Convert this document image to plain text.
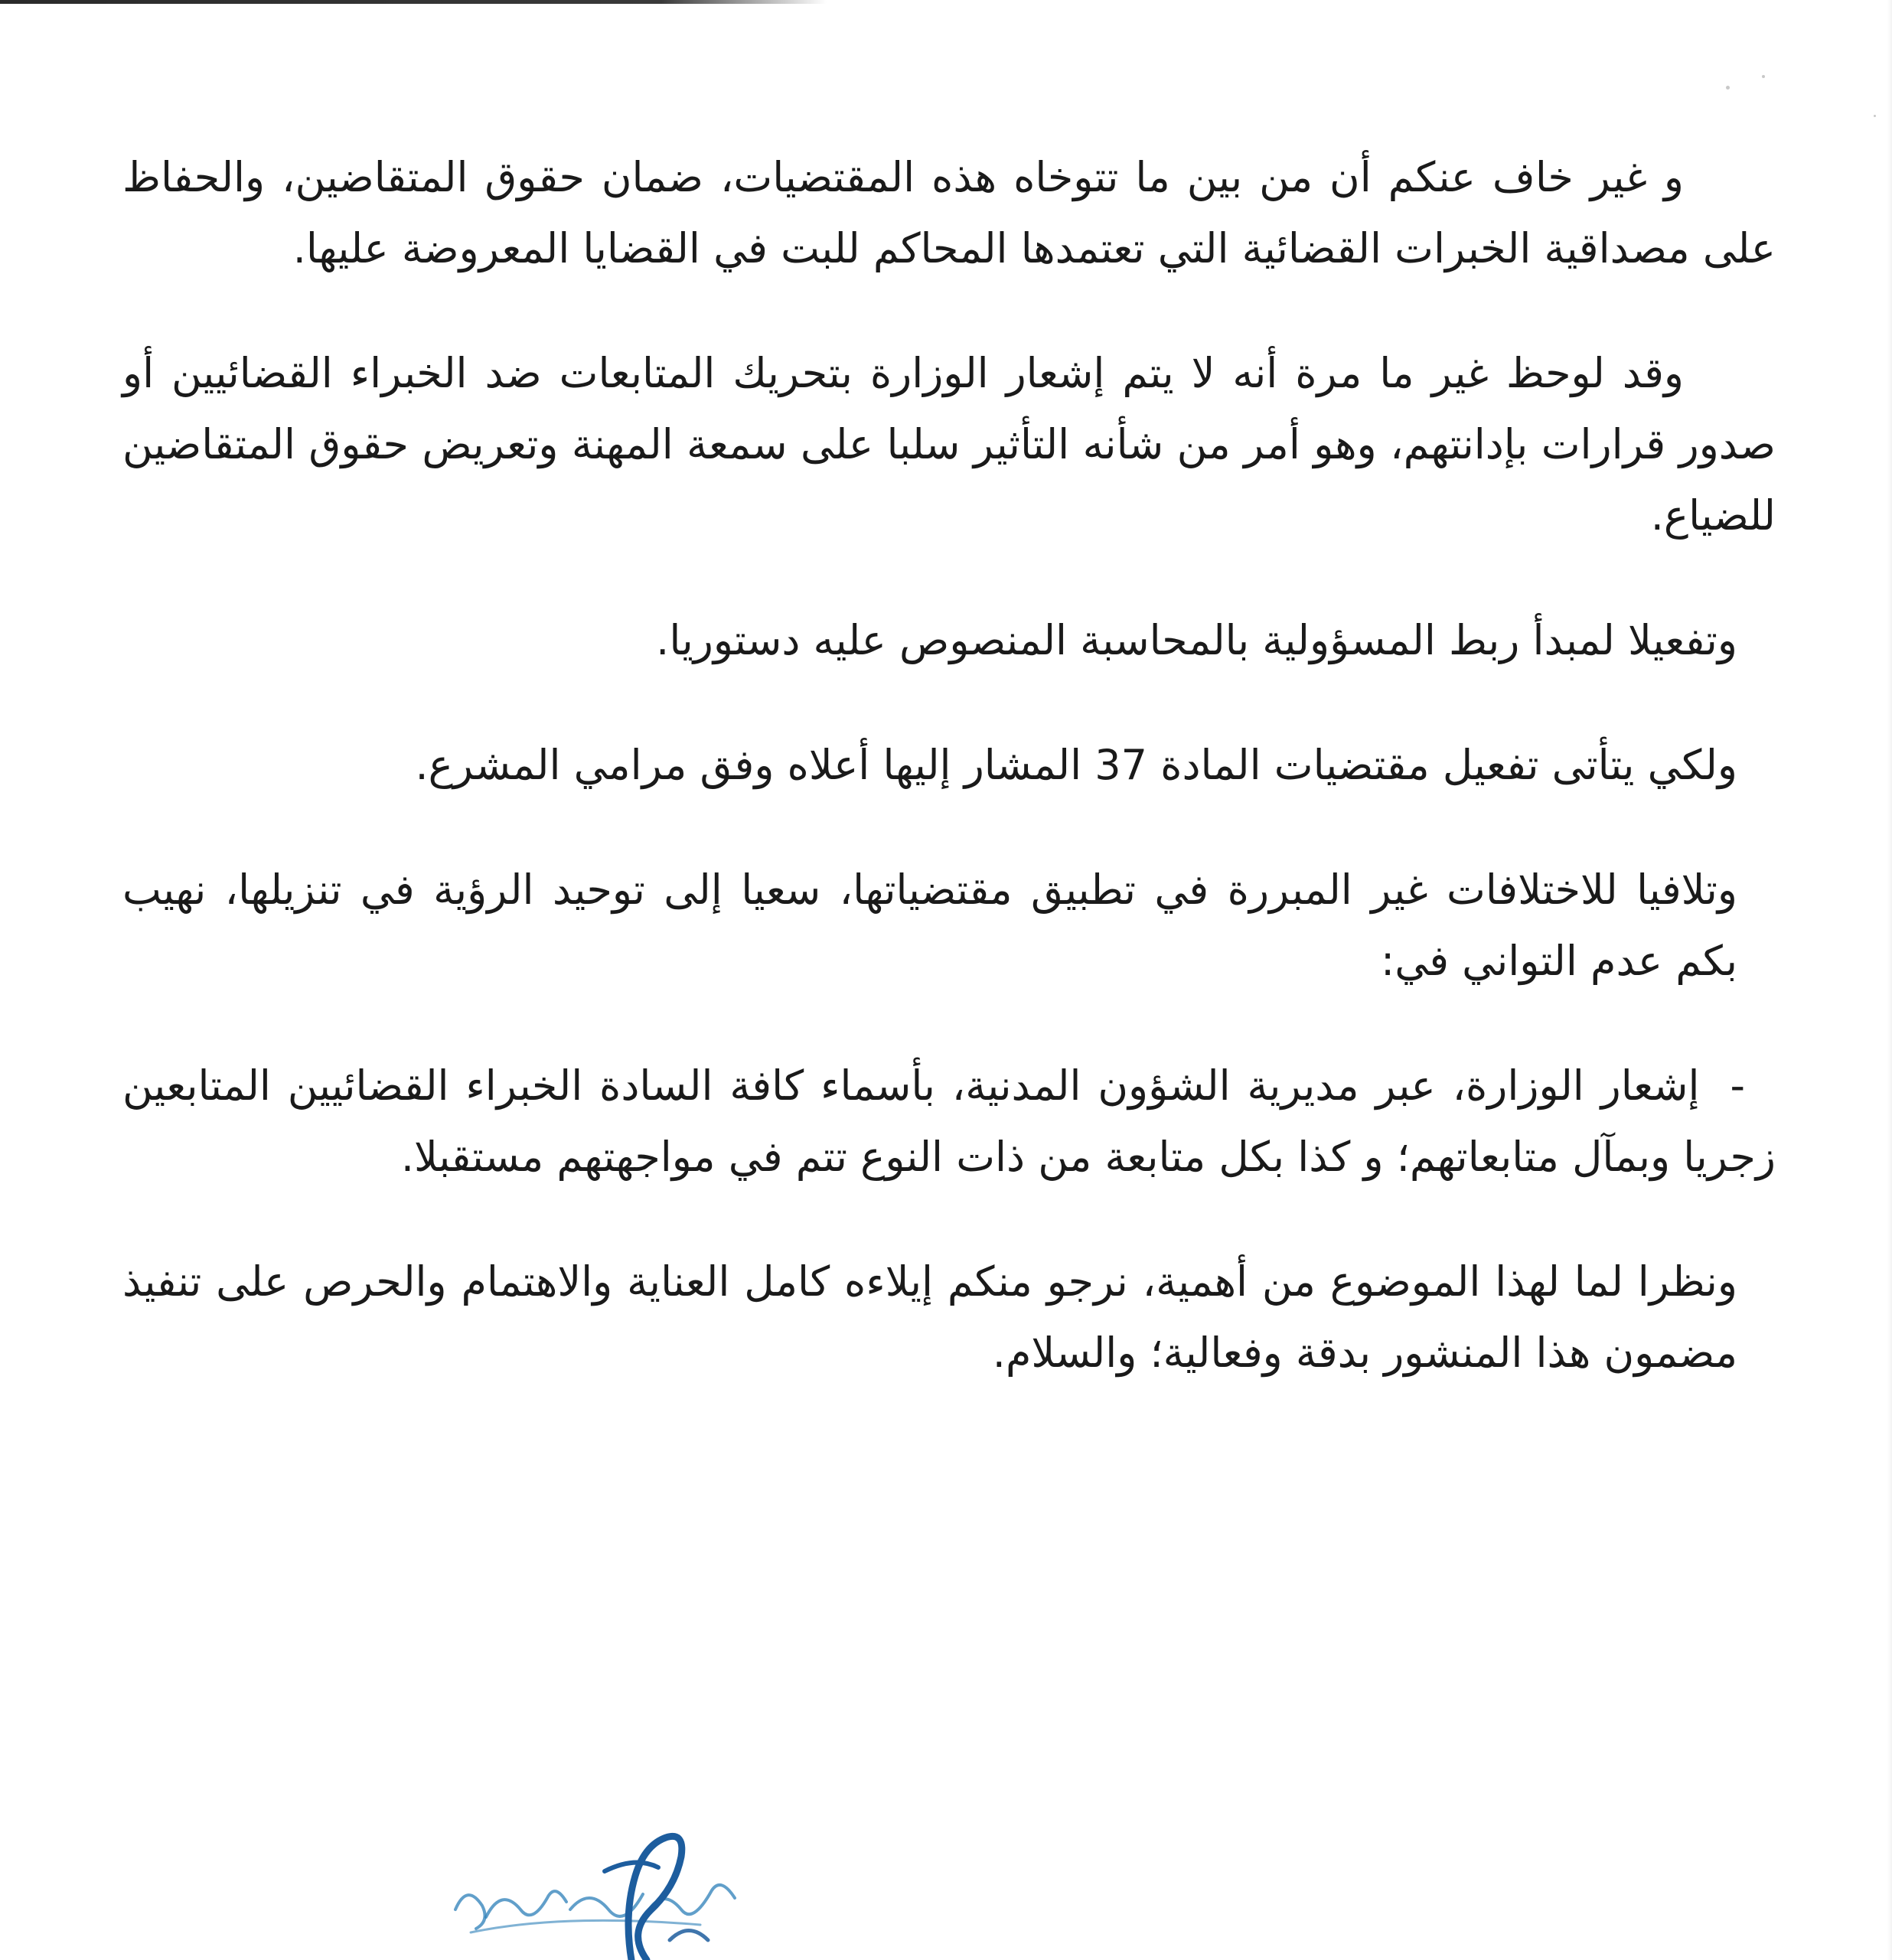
و غير خاف عنكم أن من بين ما تتوخاه هذه المقتضيات، ضمان حقوق المتقاضين، والحفاظ على مصداقية الخبرات القضائية التي تعتمدها المحاكم للبت في القضايا المعروضة عليها.

وقد لوحظ غير ما مرة أنه لا يتم إشعار الوزارة بتحريك المتابعات ضد الخبراء القضائيين أو صدور قرارات بإدانتهم، وهو أمر من شأنه التأثير سلبا على سمعة المهنة وتعريض حقوق المتقاضين للضياع.

وتفعيلا لمبدأ ربط المسؤولية بالمحاسبة المنصوص عليه دستوريا.

ولكي يتأتى تفعيل مقتضيات المادة 37 المشار إليها أعلاه وفق مرامي المشرع.

وتلافيا للاختلافات غير المبررة في تطبيق مقتضياتها، سعيا إلى توحيد الرؤية في تنزيلها، نهيب بكم عدم التواني في:

-إشعار الوزارة، عبر مديرية الشؤون المدنية، بأسماء كافة السادة الخبراء القضائيين المتابعين زجريا وبمآل متابعاتهم؛ و كذا بكل متابعة من ذات النوع تتم في مواجهتهم مستقبلا.

ونظرا لما لهذا الموضوع من أهمية، نرجو منكم إيلاءه كامل العناية والاهتمام والحرص على تنفيذ مضمون هذا المنشور بدقة وفعالية؛ والسلام.
